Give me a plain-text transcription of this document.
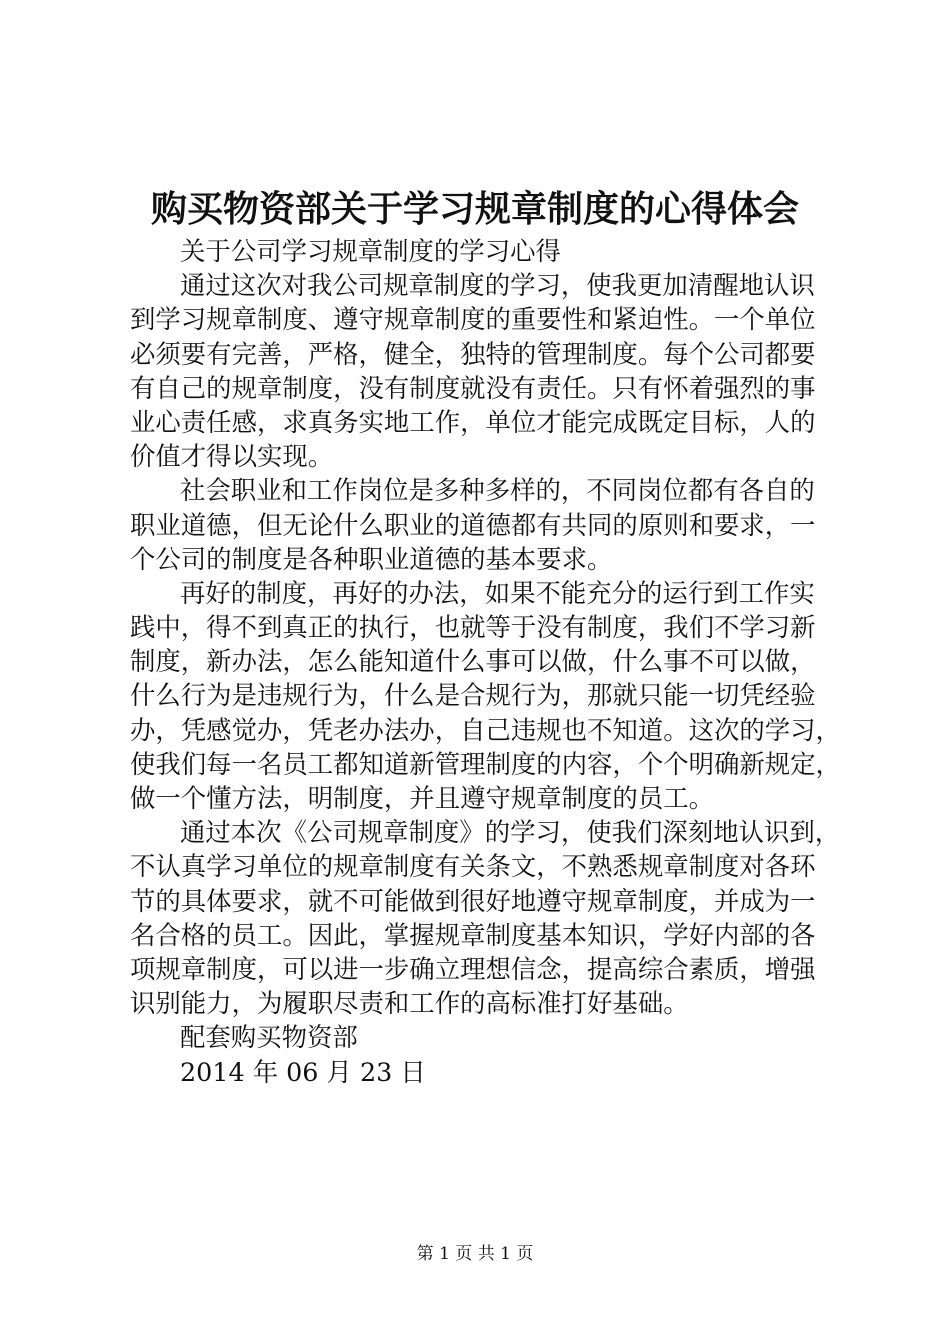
购买物资部关于学习规章制度的心得体会
关于公司学习规章制度的学习心得
通过这次对我公司规章制度的学习，使我更加清醒地认识
到学习规章制度、遵守规章制度的重要性和紧迫性。一个单位
必须要有完善，严格，健全，独特的管理制度。每个公司都要
有自己的规章制度，没有制度就没有责任。只有怀着强烈的事
业心责任感，求真务实地工作，单位才能完成既定目标，人的
价值才得以实现。
社会职业和工作岗位是多种多样的，不同岗位都有各自的
职业道德，但无论什么职业的道德都有共同的原则和要求，一
个公司的制度是各种职业道德的基本要求。
再好的制度，再好的办法，如果不能充分的运行到工作实
践中，得不到真正的执行，也就等于没有制度，我们不学习新
制度，新办法，怎么能知道什么事可以做，什么事不可以做，
什么行为是违规行为，什么是合规行为，那就只能一切凭经验
办，凭感觉办，凭老办法办，自己违规也不知道。这次的学习，
使我们每一名员工都知道新管理制度的内容，个个明确新规定，
做一个懂方法，明制度，并且遵守规章制度的员工。
通过本次《公司规章制度》的学习，使我们深刻地认识到，
不认真学习单位的规章制度有关条文，不熟悉规章制度对各环
节的具体要求，就不可能做到很好地遵守规章制度，并成为一
名合格的员工。因此，掌握规章制度基本知识，学好内部的各
项规章制度，可以进一步确立理想信念，提高综合素质，增强
识别能力，为履职尽责和工作的高标准打好基础。
配套购买物资部
2014 年 06 月 23 日
第 1 页 共 1 页
